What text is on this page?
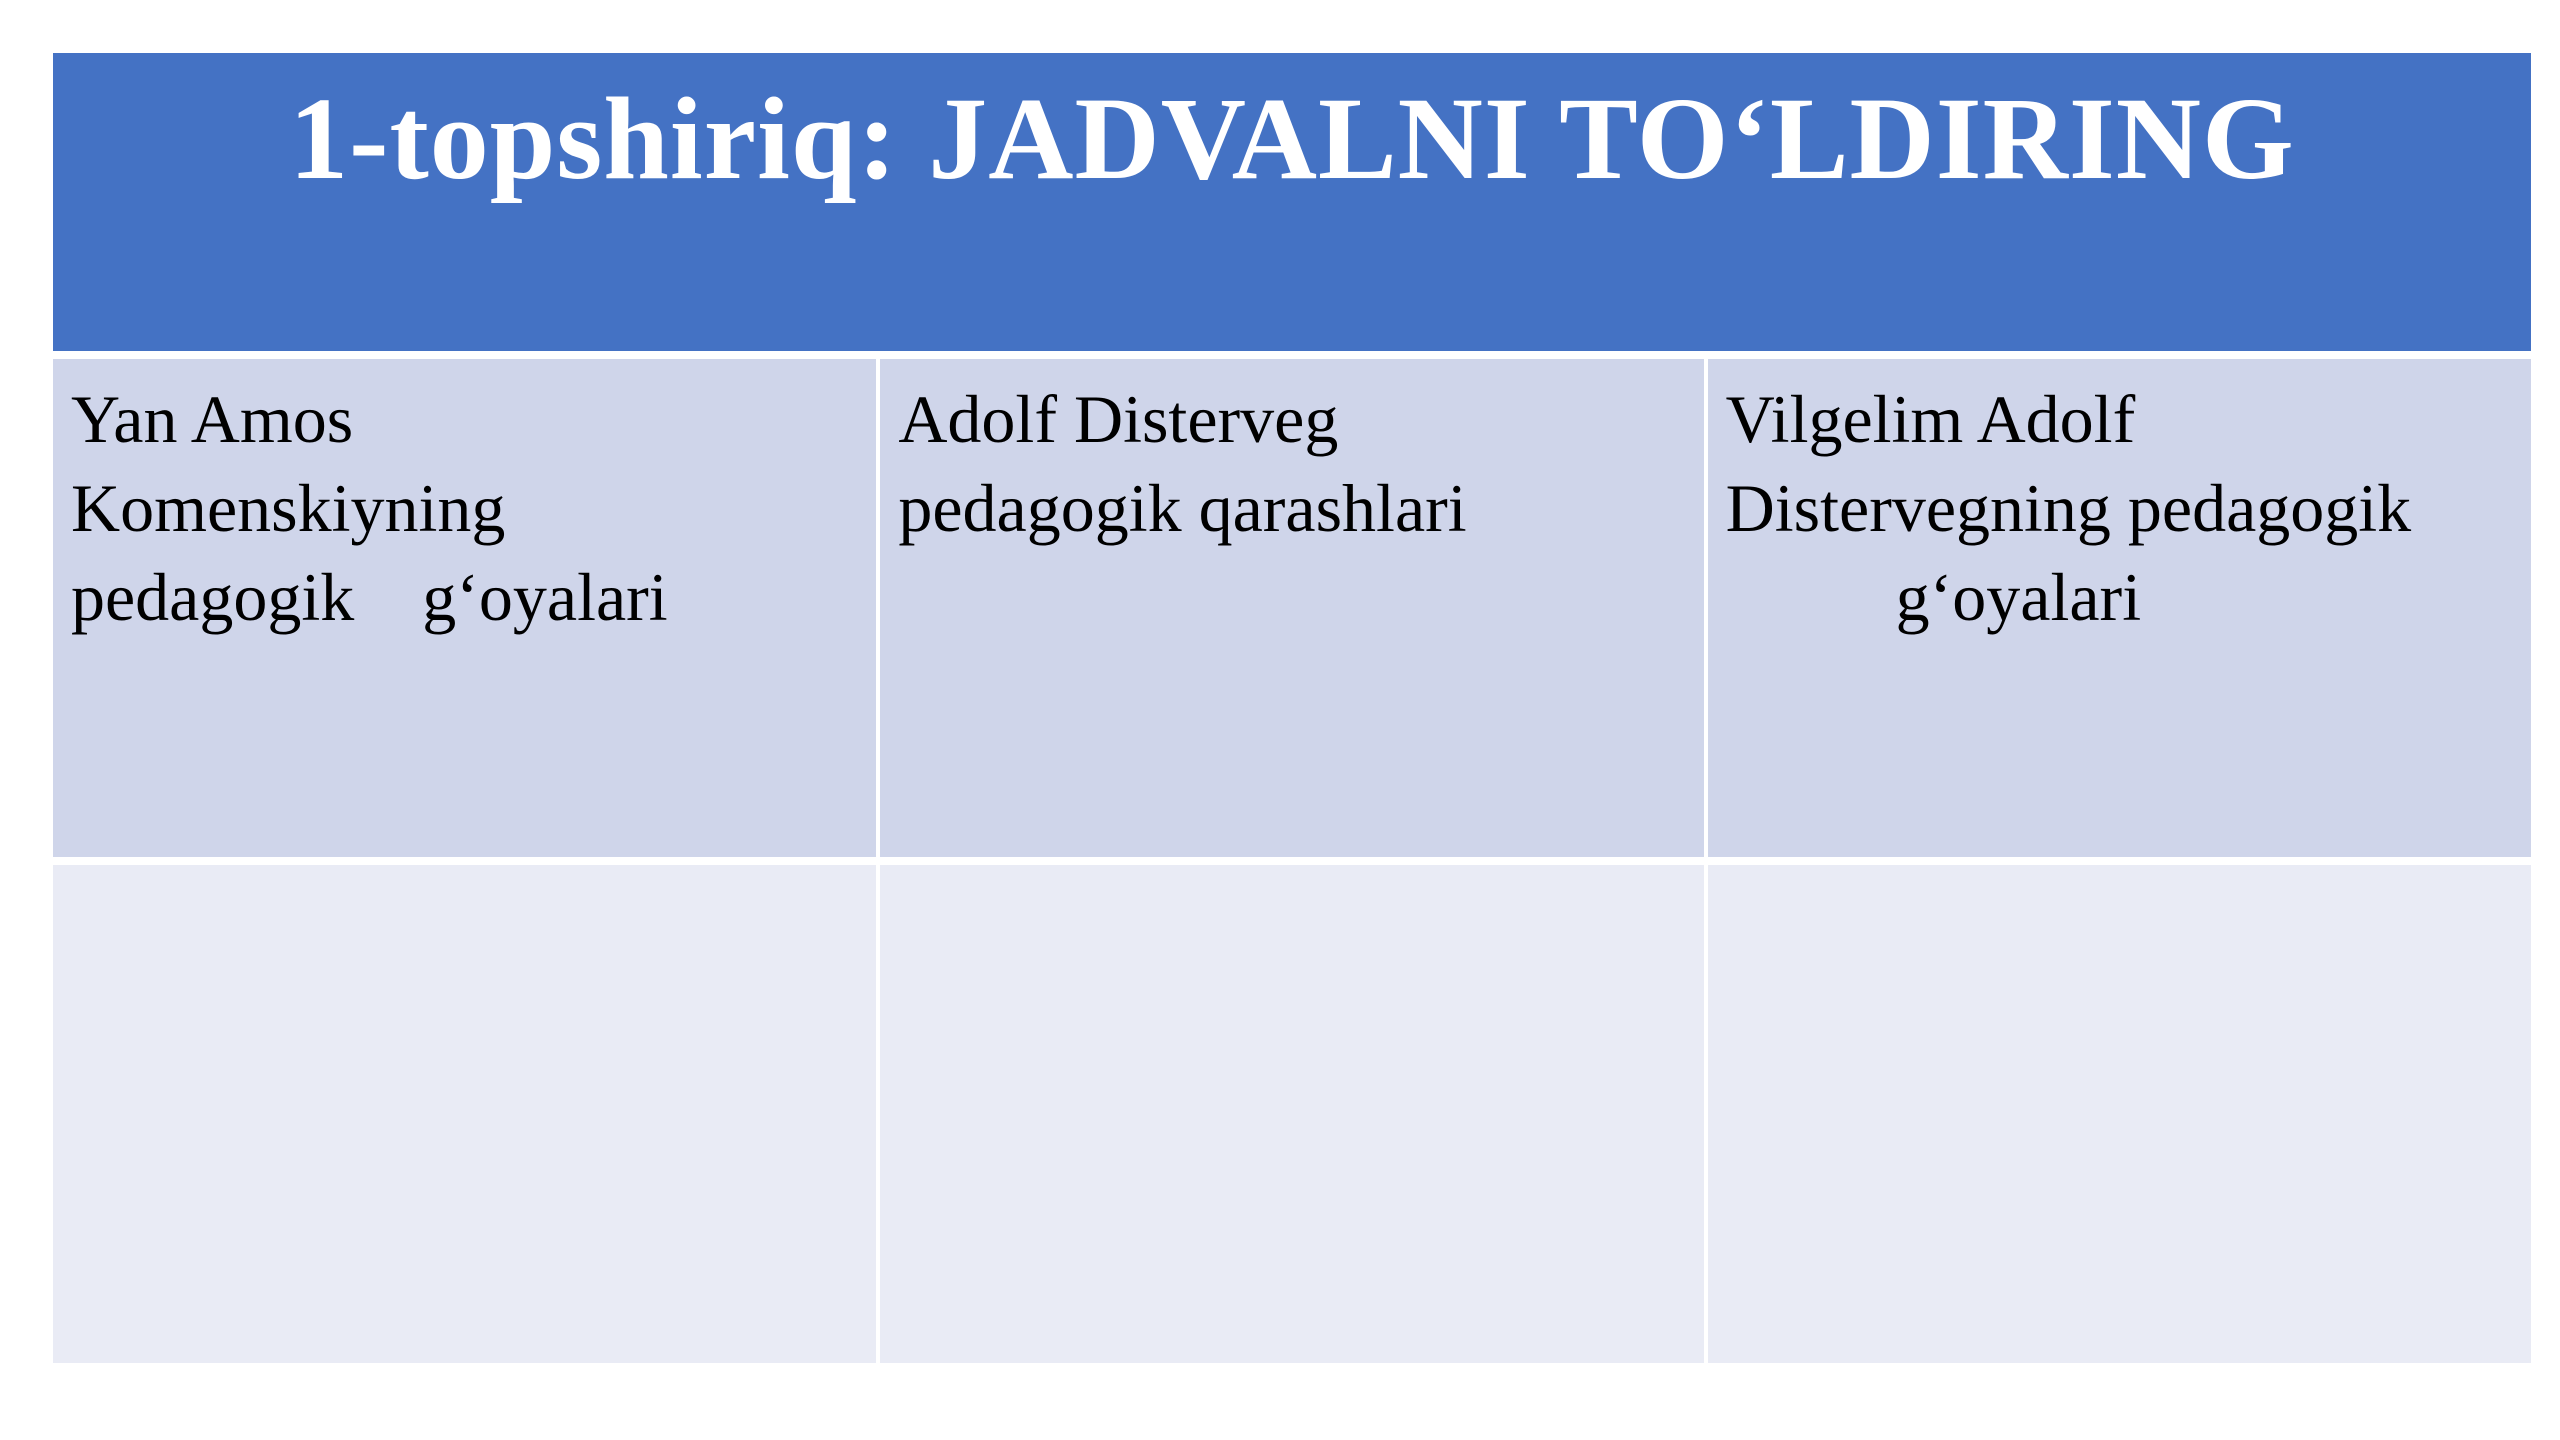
1-topshiriq: JADVALNI TO‘LDIRING
Yan Amos
Komenskiyning
pedagogik    g‘oyalari
Adolf Disterveg
pedagogik qarashlari
Vilgelim Adolf
Distervegning pedagogik
g‘oyalari
